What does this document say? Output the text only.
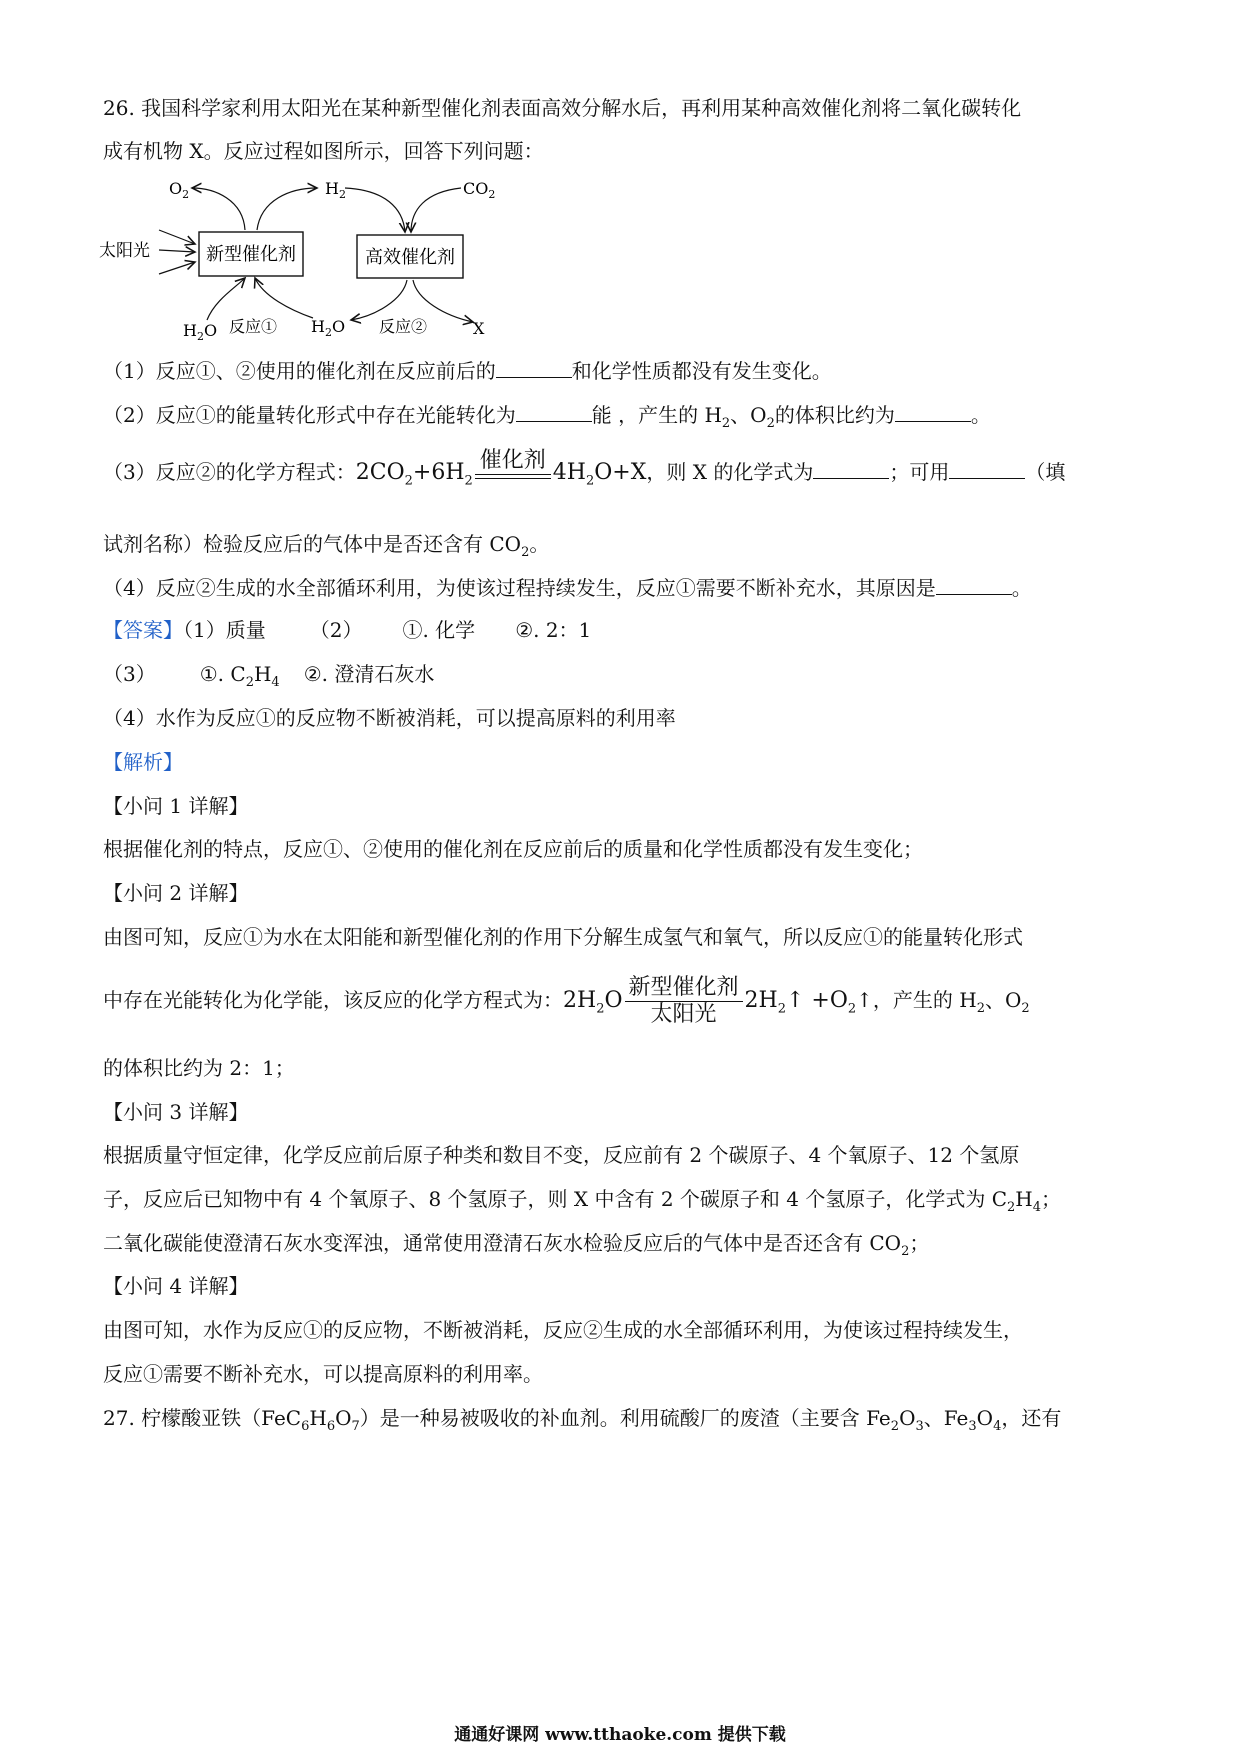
26. 我国科学家利用太阳光在某种新型催化剂表面高效分解水后，再利用某种高效催化剂将二氧化碳转化
成有机物 X。反应过程如图所示，回答下列问题：
新型催化剂	高效催化剂
$O_2$	$H_2$	$CO_2$
太阳光
$H_2O$ 反应① $H_2O$ 反应②	X
（1）反应①、②使用的催化剂在反应前后的	和化学性质都没有发生变化。
（2）反应①的能量转化形式中存在光能转化为	能 ，产生的 $H_2$、$O_2$的体积比约为	。
（3）反应②的化学方程式：$2CO_2+6H_2$
催化剂 $4H_2O+X$，则 X 的化学式为	；可用	（填
试剂名称）检验反应后的气体中是否还含有 $CO_2$。
（4）反应②生成的水全部循环利用，为使该过程持续发生，反应①需要不断补充水，其原因是	。
【答案】（1）质量 （2） ①. 化学 ②. 2：1
（3） ①. $C_2H_4$ ②. 澄清石灰水
（4）水作为反应①的反应物不断被消耗，可以提高原料的利用率
【解析】
【小问 1 详解】
根据催化剂的特点，反应①、②使用的催化剂在反应前后的质量和化学性质都没有发生变化；
【小问 2 详解】
由图可知，反应①为水在太阳能和新型催化剂的作用下分解生成氢气和氧气，所以反应①的能量转化形式
中存在光能转化为化学能，该反应的化学方程式为：$2H_2O$
新型催化剂
太阳光
$2H_2↑$ $+O_2↑$，产生的 $H_2$、$O_2$
的体积比约为 2：1；
【小问 3 详解】
根据质量守恒定律，化学反应前后原子种类和数目不变，反应前有 2 个碳原子、4 个氧原子、12 个氢原
子，反应后已知物中有 4 个氧原子、8 个氢原子，则 X 中含有 2 个碳原子和 4 个氢原子，化学式为 $C_2H_4$；
二氧化碳能使澄清石灰水变浑浊，通常使用澄清石灰水检验反应后的气体中是否还含有 $CO_2$；
【小问 4 详解】
由图可知，水作为反应①的反应物，不断被消耗，反应②生成的水全部循环利用，为使该过程持续发生，
反应①需要不断补充水，可以提高原料的利用率。
27. 柠檬酸亚铁$(FeC_6H_6O_7)$是一种易被吸收的补血剂。利用硫酸厂的废渣（主要含 $Fe_2O_3$、$Fe_3O_4$，还有
通通好课网 www.tthaoke.com 提供下载
